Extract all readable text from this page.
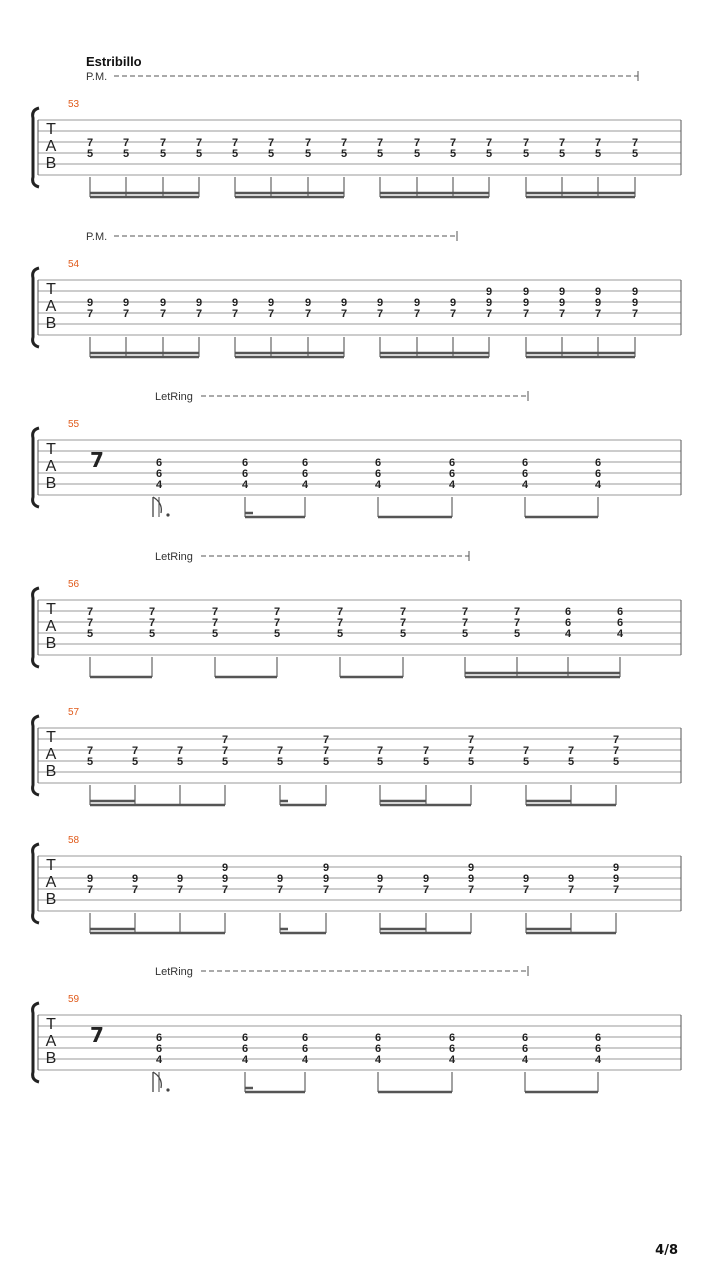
Estribillo
T
A
B
53
P.M.
7
5
7
5
7
5
7
5
7
5
7
5
7
5
7
5
7
5
7
5
7
5
7
5
7
5
7
5
7
5
7
5
T
A
B
54
P.M.
9
7
9
7
9
7
9
7
9
7
9
7
9
7
9
7
9
7
9
7
9
7
9
9
7
9
9
7
9
9
7
9
9
7
9
9
7
T
A
B
55
LetRing
7	6
6
4
6
6
4
6
6
4
6
6
4
6
6
4
6
6
4
6
6
4
T
A
B
56
LetRing
7
7
5
7
7
5
7
7
5
7
7
5
7
7
5
7
7
5
7
7
5
7
7
5
6
6
4
6
6
4
T
A
B
57
7
5
7
5
7
5
7
7
5
7
5
7
7
5
7
5
7
5
7
7
5
7
5
7
5
7
7
5
T
A
B
58
9
7
9
7
9
7
9
9
7
9
7
9
9
7
9
7
9
7
9
9
7
9
7
9
7
9
9
7
T
A
B
59
LetRing
7	6
6
4
6
6
4
6
6
4
6
6
4
6
6
4
6
6
4
6
6
4
4/8
